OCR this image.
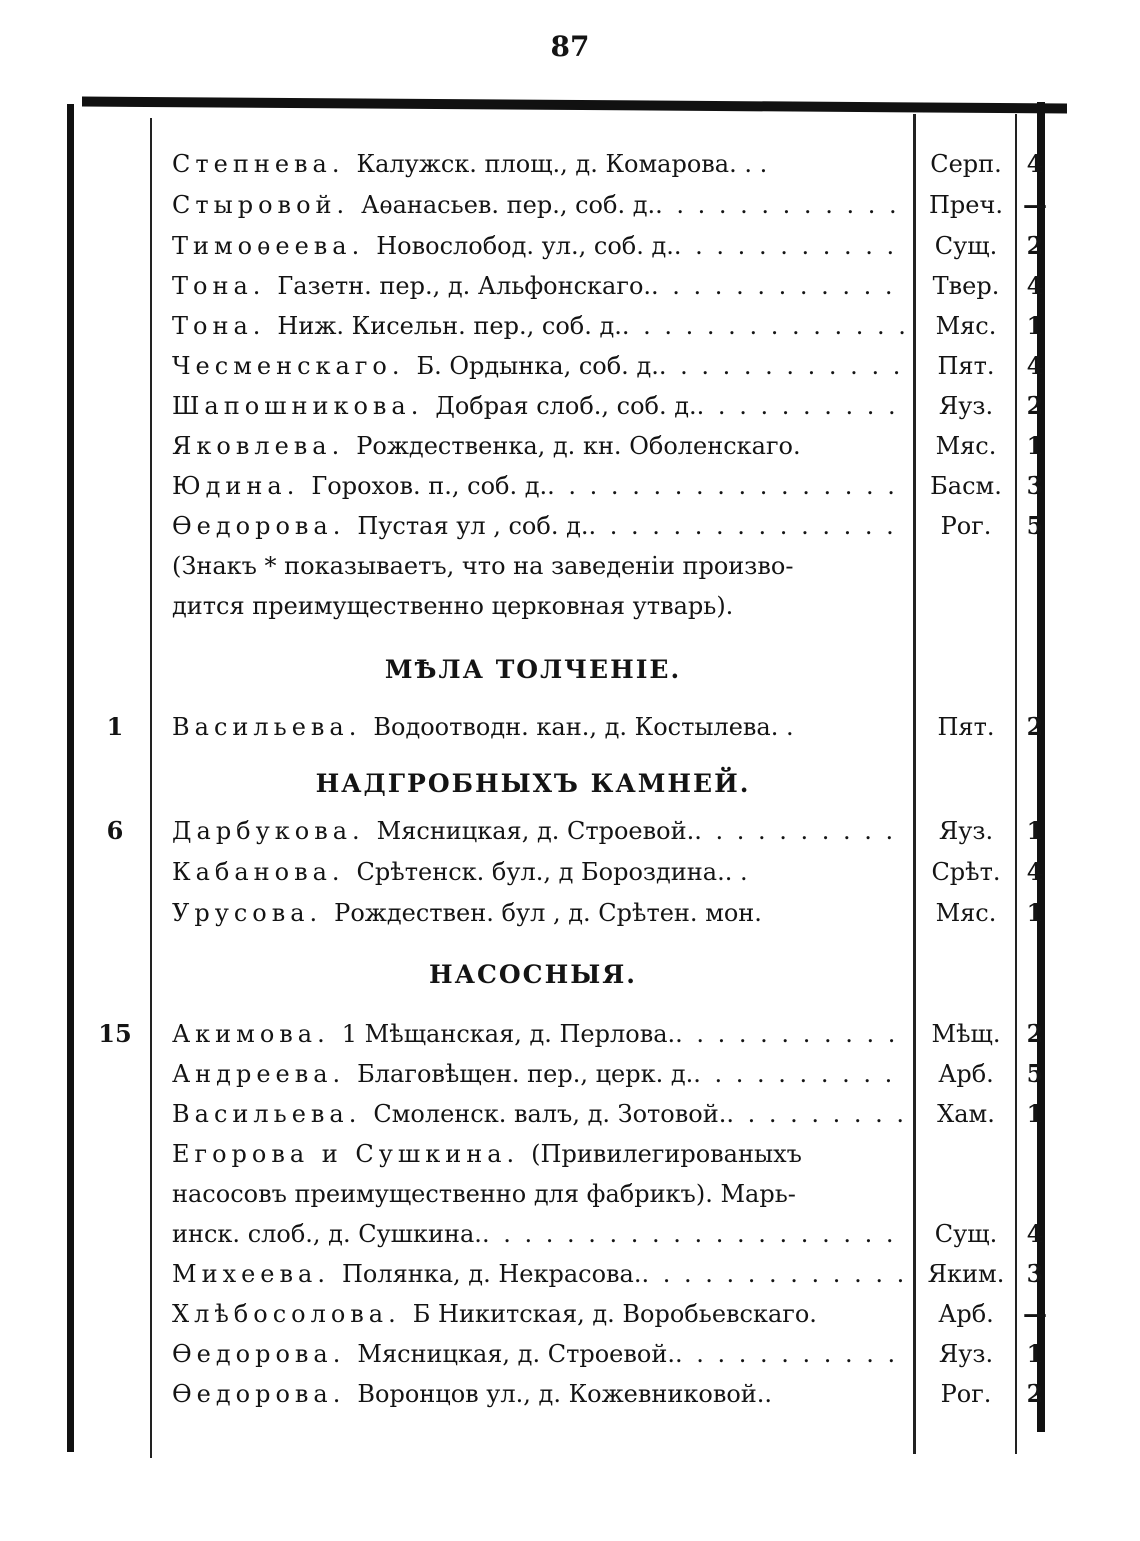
87
Степнева. Калужск. площ., д. Комарова. . .	Серп.	4
Стыровой. Аѳанасьев. пер., соб. д. . . .	Преч. —
Тимоѳеева. Новослобод. ул., соб. д. . . .	Сущ.	2
Тона. Газетн. пер., д. Альфонскаго. . . .	Твер.	4
Тона. Ниж. Кисельн. пер., соб. д. . . .	Мяс.	1
Чесменскаго. Б. Ордынка, соб. д. . . .	Пят.	4
Шапошникова. Добрая слоб., соб. д. . . .	Яуз.	2
Яковлева. Рождественка, д. кн. Оболенскаго.	Мяс.	1
Юдина. Горохов. п., соб. д. . . .	Басм.	3
Ѳедорова. Пустая ул , соб. д. . . .	Рог.	5
(Знакъ * показываетъ, что на заведеніи произво-
дится преимущественно церковная утварь).
МѢЛА ТОЛЧЕНІЕ.
1	Васильева. Водоотводн. кан., д. Костылева. .	Пят.	2
НАДГРОБНЫХЪ КАМНЕЙ.
6	Дарбукова. Мясницкая, д. Строевой. . . .	Яуз.	1
Кабанова. Срѣтенск. бул., д Бороздина.. .	Срѣт.	4
Урусова. Рождествен. бул , д. Срѣтен. мон.	Мяс.	1
НАСОСНЫЯ.
15	Акимова. 1 Мѣщанская, д. Перлова. . . .	Мѣщ.	2
Андреева. Благовѣщен. пер., церк. д. . . .	Арб.	5
Васильева. Смоленск. валъ, д. Зотовой. . . .	Хам.	1
Егорова и Сушкина. (Привилегированыхъ
насосовъ преимущественно для фабрикъ). Марь-
инск. слоб., д. Сушкина. . . .	Сущ.	4
Михеева. Полянка, д. Некрасова. . . .	Яким. 3
Хлѣбосолова. Б Никитская, д. Воробьевскаго.	Арб.	—
Ѳедорова. Мясницкая, д. Строевой. . . .	Яуз.	1
Ѳедорова. Воронцов ул., д. Кожевниковой..	Рог.	2
